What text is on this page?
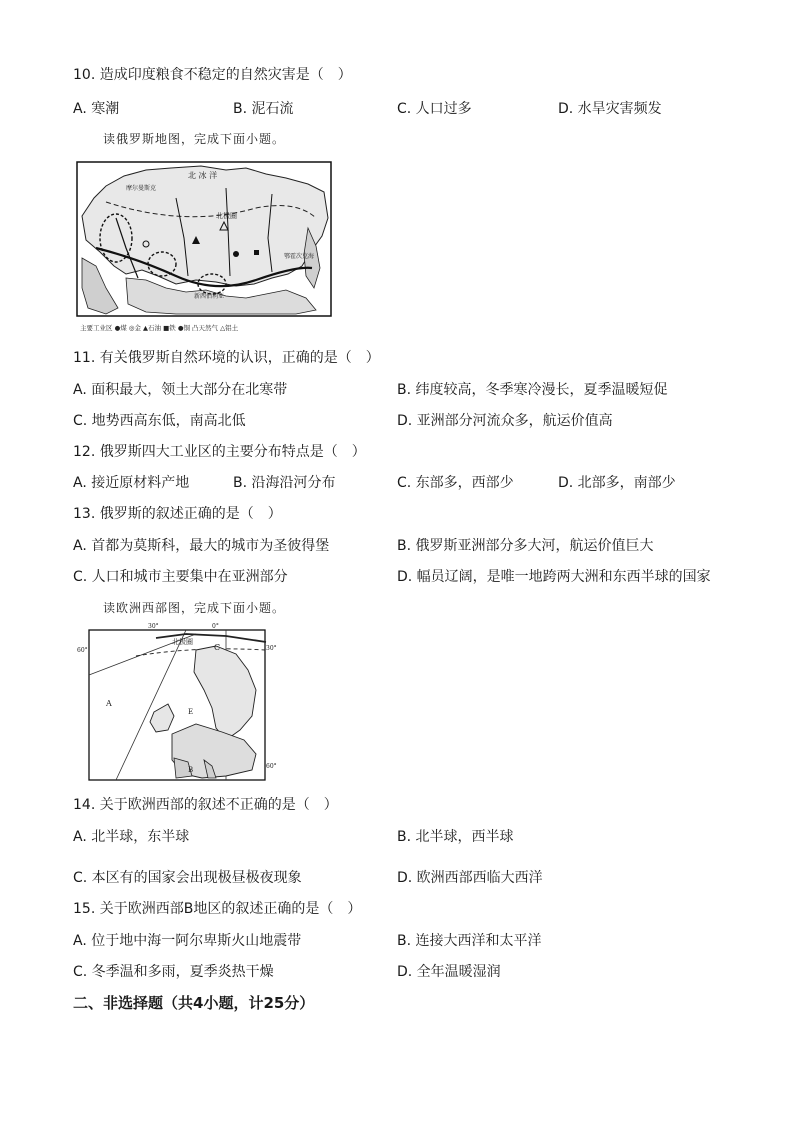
10. 造成印度粮食不稳定的自然灾害是（　）
A. 寒潮	B. 泥石流	C. 人口过多	D. 水旱灾害频发
读俄罗斯地图，完成下面小题。
北 冰 洋
摩尔曼斯克
北极圈
鄂霍次克海
新西伯利亚
主要工业区 ●煤 ◎金 ▲石油 ■铁 ●铜 凸天然气 △铝土
11. 有关俄罗斯自然环境的认识，正确的是（　）
A. 面积最大，领土大部分在北寒带	B. 纬度较高，冬季寒冷漫长，夏季温暖短促
C. 地势西高东低，南高北低	D. 亚洲部分河流众多，航运价值高
12. 俄罗斯四大工业区的主要分布特点是（　）
A. 接近原材料产地	B. 沿海沿河分布	C. 东部多，西部少	D. 北部多，南部少
13. 俄罗斯的叙述正确的是（　）
A. 首都为莫斯科，最大的城市为圣彼得堡	B. 俄罗斯亚洲部分多大河，航运价值巨大
C. 人口和城市主要集中在亚洲部分	D. 幅员辽阔，是唯一地跨两大洲和东西半球的国家
读欧洲西部图，完成下面小题。
北极圈
A
B
C
E
60°
60°
30°	0°
30°
14. 关于欧洲西部的叙述不正确的是（　）
A. 北半球，东半球	B. 北半球，西半球
C. 本区有的国家会出现极昼极夜现象	D. 欧洲西部西临大西洋
15. 关于欧洲西部B地区的叙述正确的是（　）
A. 位于地中海一阿尔卑斯火山地震带	B. 连接大西洋和太平洋
C. 冬季温和多雨，夏季炎热干燥	D. 全年温暖湿润
二、非选择题（共4小题，计25分）
